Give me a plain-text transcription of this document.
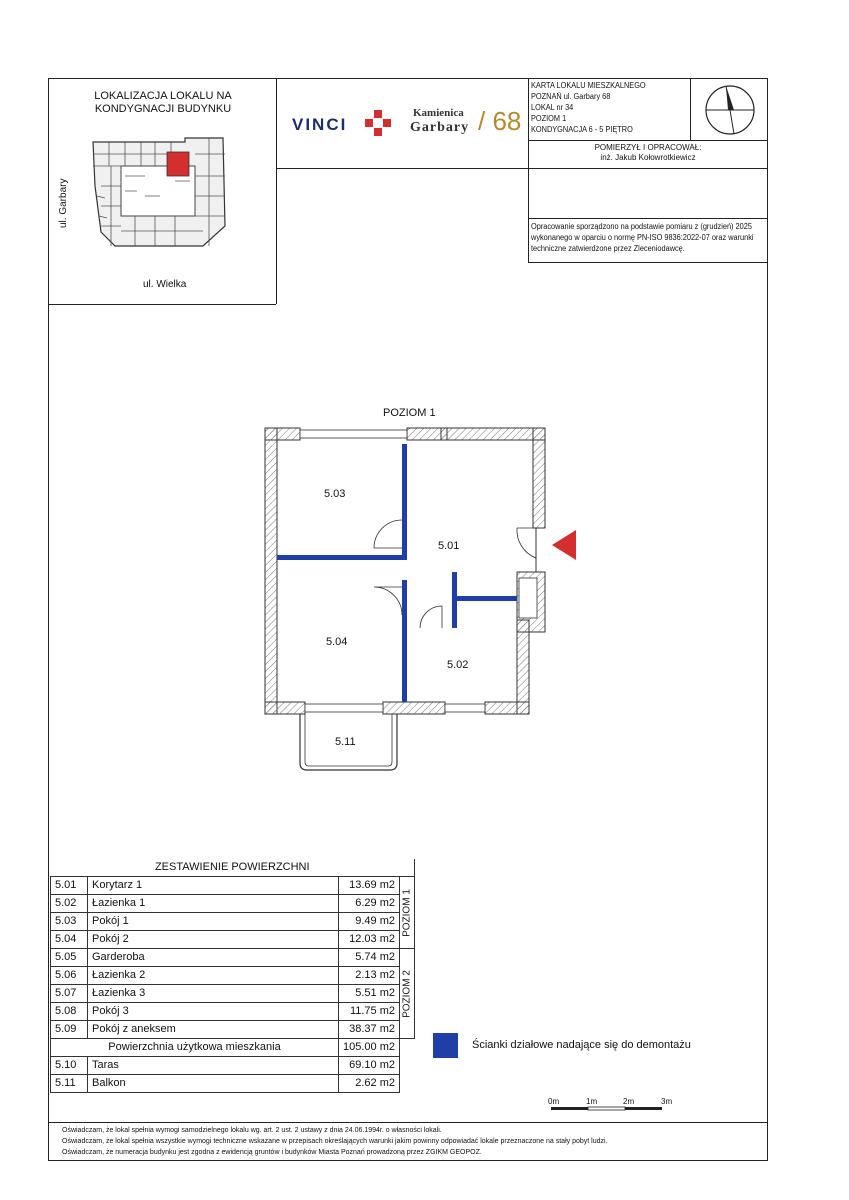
LOKALIZACJA LOKALU NA
KONDYGNACJI BUDYNKU
ul. Garbary
ul. Wielka
VINCI
Kamienica
Garbary / 68
KARTA LOKALU MIESZKALNEGO
POZNAŃ ul. Garbary 68
LOKAL nr 34
POZIOM 1
KONDYGNACJA 6 - 5 PIĘTRO
POMIERZYŁ I OPRACOWAŁ:
inż. Jakub Kołowrotkiewicz
Opracowanie sporządzono na podstawie pomiaru z (grudzień) 2025
wykonanego w oparciu o normę PN-ISO 9836:2022-07 oraz warunki
techniczne zatwierdzone przez Zleceniodawcę.
POZIOM 1
5.03
5.01
5.04
5.02
5.11
ZESTAWIENIE POWIERZCHNI			
5.01	Korytarz 1	13.69 m2	POZIOM 1

5.02	Łazienka 1	6.29 m2	
5.03	Pokój 1	9.49 m2	
5.04	Pokój 2	12.03 m2	
5.05	Garderoba	5.74 m2	POZIOM 2

5.06	Łazienka 2	2.13 m2	
5.07	Łazienka 3	5.51 m2	
5.08	Pokój 3	11.75 m2	
5.09	Pokój z aneksem	38.37 m2	
Powierzchnia użytkowa mieszkania		105.00 m2	
5.10	Taras	69.10 m2	
5.11	Balkon	2.62 m2	
Ścianki działowe nadające się do demontażu
0m	1m	2m	3m
Oświadczam, że lokal spełnia wymogi samodzielnego lokalu wg. art. 2 ust. 2 ustawy z dnia 24.06.1994r. o własności lokali.
Oświadczam, że lokal spełnia wszystkie wymogi techniczne wskazane w przepisach określających warunki jakim powinny odpowiadać lokale przeznaczone na stały pobyt ludzi.
Oświadczam, że numeracja budynku jest zgodna z ewidencją gruntów i budynków Miasta Poznań prowadzoną przez ZGIKM GEOPOZ.
